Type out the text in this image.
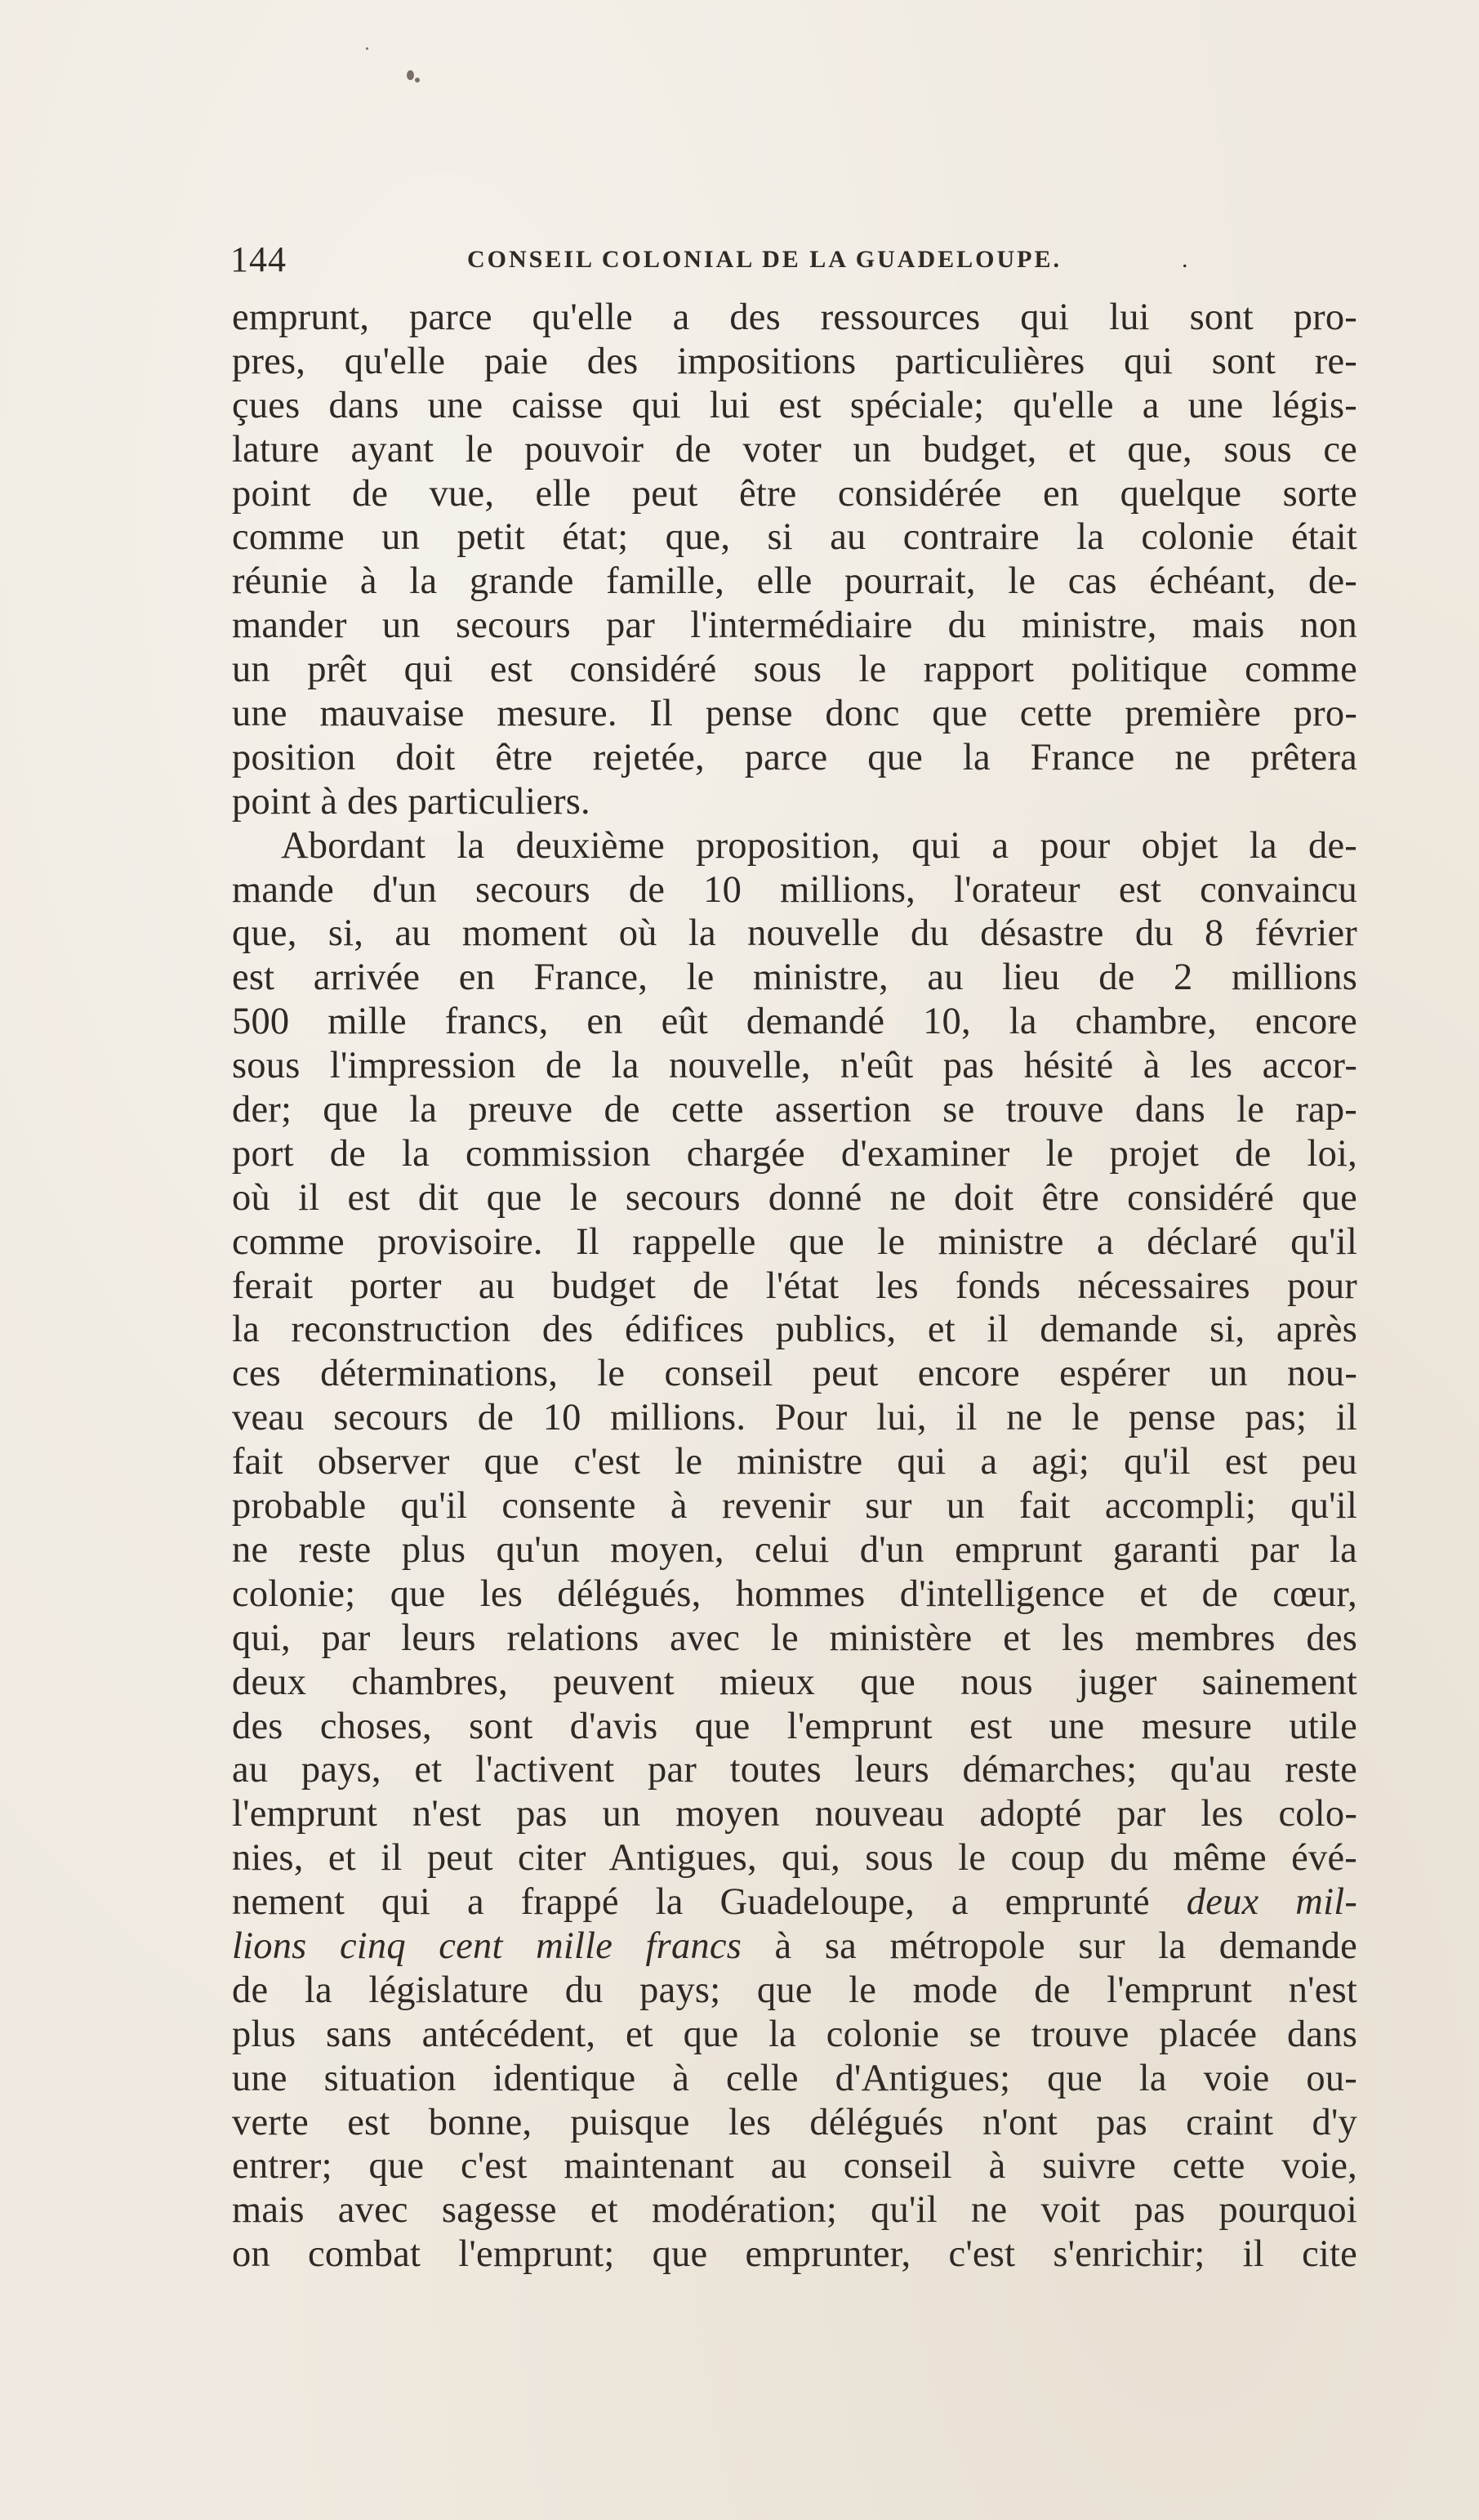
144	CONSEIL COLONIAL DE LA GUADELOUPE.	.
emprunt, parce qu'elle a des ressources qui lui sont pro-
pres, qu'elle paie des impositions particulières qui sont re-
çues dans une caisse qui lui est spéciale; qu'elle a une légis-
lature ayant le pouvoir de voter un budget, et que, sous ce
point de vue, elle peut être considérée en quelque sorte
comme un petit état; que, si au contraire la colonie était
réunie à la grande famille, elle pourrait, le cas échéant, de-
mander un secours par l'intermédiaire du ministre, mais non
un prêt qui est considéré sous le rapport politique comme
une mauvaise mesure. Il pense donc que cette première pro-
position doit être rejetée, parce que la France ne prêtera
point à des particuliers.
Abordant la deuxième proposition, qui a pour objet la de-
mande d'un secours de 10 millions, l'orateur est convaincu
que, si, au moment où la nouvelle du désastre du 8 février
est arrivée en France, le ministre, au lieu de 2 millions
500 mille francs, en eût demandé 10, la chambre, encore
sous l'impression de la nouvelle, n'eût pas hésité à les accor-
der; que la preuve de cette assertion se trouve dans le rap-
port de la commission chargée d'examiner le projet de loi,
où il est dit que le secours donné ne doit être considéré que
comme provisoire. Il rappelle que le ministre a déclaré qu'il
ferait porter au budget de l'état les fonds nécessaires pour
la reconstruction des édifices publics, et il demande si, après
ces déterminations, le conseil peut encore espérer un nou-
veau secours de 10 millions. Pour lui, il ne le pense pas; il
fait observer que c'est le ministre qui a agi; qu'il est peu
probable qu'il consente à revenir sur un fait accompli; qu'il
ne reste plus qu'un moyen, celui d'un emprunt garanti par la
colonie; que les délégués, hommes d'intelligence et de cœur,
qui, par leurs relations avec le ministère et les membres des
deux chambres, peuvent mieux que nous juger sainement
des choses, sont d'avis que l'emprunt est une mesure utile
au pays, et l'activent par toutes leurs démarches; qu'au reste
l'emprunt n'est pas un moyen nouveau adopté par les colo-
nies, et il peut citer Antigues, qui, sous le coup du même évé-
nement qui a frappé la Guadeloupe, a emprunté deux mil-
lions cinq cent mille francs à sa métropole sur la demande
de la législature du pays; que le mode de l'emprunt n'est
plus sans antécédent, et que la colonie se trouve placée dans
une situation identique à celle d'Antigues; que la voie ou-
verte est bonne, puisque les délégués n'ont pas craint d'y
entrer; que c'est maintenant au conseil à suivre cette voie,
mais avec sagesse et modération; qu'il ne voit pas pourquoi
on combat l'emprunt; que emprunter, c'est s'enrichir; il cite
